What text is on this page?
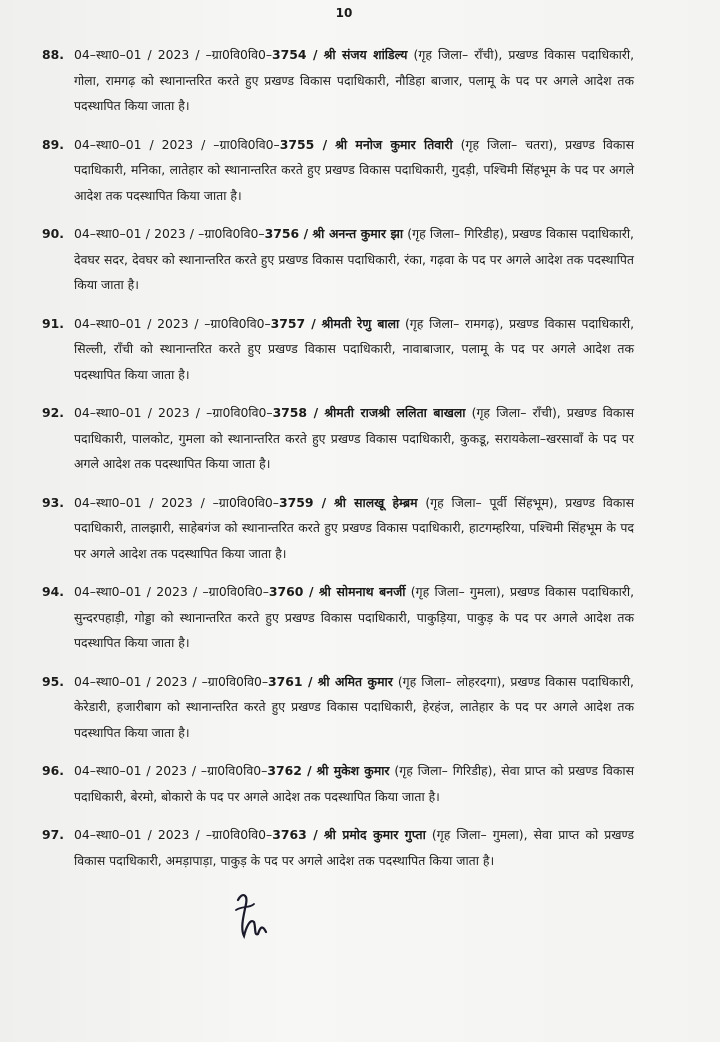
10
88. 04–स्था0–01 / 2023 / –ग्रा0वि0वि0–3754 / श्री संजय शांडिल्य (गृह जिला– राँची), प्रखण्ड विकास पदाधिकारी, गोला, रामगढ़ को स्थानान्तरित करते हुए प्रखण्ड विकास पदाधिकारी, नौडिहा बाजार, पलामू के पद पर अगले आदेश तक पदस्थापित किया जाता है।
89. 04–स्था0–01 / 2023 / –ग्रा0वि0वि0–3755 / श्री मनोज कुमार तिवारी (गृह जिला– चतरा), प्रखण्ड विकास पदाधिकारी, मनिका, लातेहार को स्थानान्तरित करते हुए प्रखण्ड विकास पदाधिकारी, गुदड़ी, पश्चिमी सिंहभूम के पद पर अगले आदेश तक पदस्थापित किया जाता है।
90. 04–स्था0–01 / 2023 / –ग्रा0वि0वि0–3756 / श्री अनन्त कुमार झा (गृह जिला– गिरिडीह), प्रखण्ड विकास पदाधिकारी, देवघर सदर, देवघर को स्थानान्तरित करते हुए प्रखण्ड विकास पदाधिकारी, रंका, गढ़वा के पद पर अगले आदेश तक पदस्थापित किया जाता है।
91. 04–स्था0–01 / 2023 / –ग्रा0वि0वि0–3757 / श्रीमती रेणु बाला (गृह जिला– रामगढ़), प्रखण्ड विकास पदाधिकारी, सिल्ली, राँची को स्थानान्तरित करते हुए प्रखण्ड विकास पदाधिकारी, नावाबाजार, पलामू के पद पर अगले आदेश तक पदस्थापित किया जाता है।
92. 04–स्था0–01 / 2023 / –ग्रा0वि0वि0–3758 / श्रीमती राजश्री ललिता बाखला (गृह जिला– राँची), प्रखण्ड विकास पदाधिकारी, पालकोट, गुमला को स्थानान्तरित करते हुए प्रखण्ड विकास पदाधिकारी, कुकडू, सरायकेला–खरसावाँ के पद पर अगले आदेश तक पदस्थापित किया जाता है।
93. 04–स्था0–01 / 2023 / –ग्रा0वि0वि0–3759 / श्री सालखू हेम्ब्रम (गृह जिला– पूर्वी सिंहभूम), प्रखण्ड विकास पदाधिकारी, तालझारी, साहेबगंज को स्थानान्तरित करते हुए प्रखण्ड विकास पदाधिकारी, हाटगम्हरिया, पश्चिमी सिंहभूम के पद पर अगले आदेश तक पदस्थापित किया जाता है।
94. 04–स्था0–01 / 2023 / –ग्रा0वि0वि0–3760 / श्री सोमनाथ बनर्जी (गृह जिला– गुमला), प्रखण्ड विकास पदाधिकारी, सुन्दरपहाड़ी, गोड्डा को स्थानान्तरित करते हुए प्रखण्ड विकास पदाधिकारी, पाकुड़िया, पाकुड़ के पद पर अगले आदेश तक पदस्थापित किया जाता है।
95. 04–स्था0–01 / 2023 / –ग्रा0वि0वि0–3761 / श्री अमित कुमार (गृह जिला– लोहरदगा), प्रखण्ड विकास पदाधिकारी, केरेडारी, हजारीबाग को स्थानान्तरित करते हुए प्रखण्ड विकास पदाधिकारी, हेरहंज, लातेहार के पद पर अगले आदेश तक पदस्थापित किया जाता है।
96. 04–स्था0–01 / 2023 / –ग्रा0वि0वि0–3762 / श्री मुकेश कुमार (गृह जिला– गिरिडीह), सेवा प्राप्त को प्रखण्ड विकास पदाधिकारी, बेरमो, बोकारो के पद पर अगले आदेश तक पदस्थापित किया जाता है।
97. 04–स्था0–01 / 2023 / –ग्रा0वि0वि0–3763 / श्री प्रमोद कुमार गुप्ता (गृह जिला– गुमला), सेवा प्राप्त को प्रखण्ड विकास पदाधिकारी, अमड़ापाड़ा, पाकुड़ के पद पर अगले आदेश तक पदस्थापित किया जाता है।
